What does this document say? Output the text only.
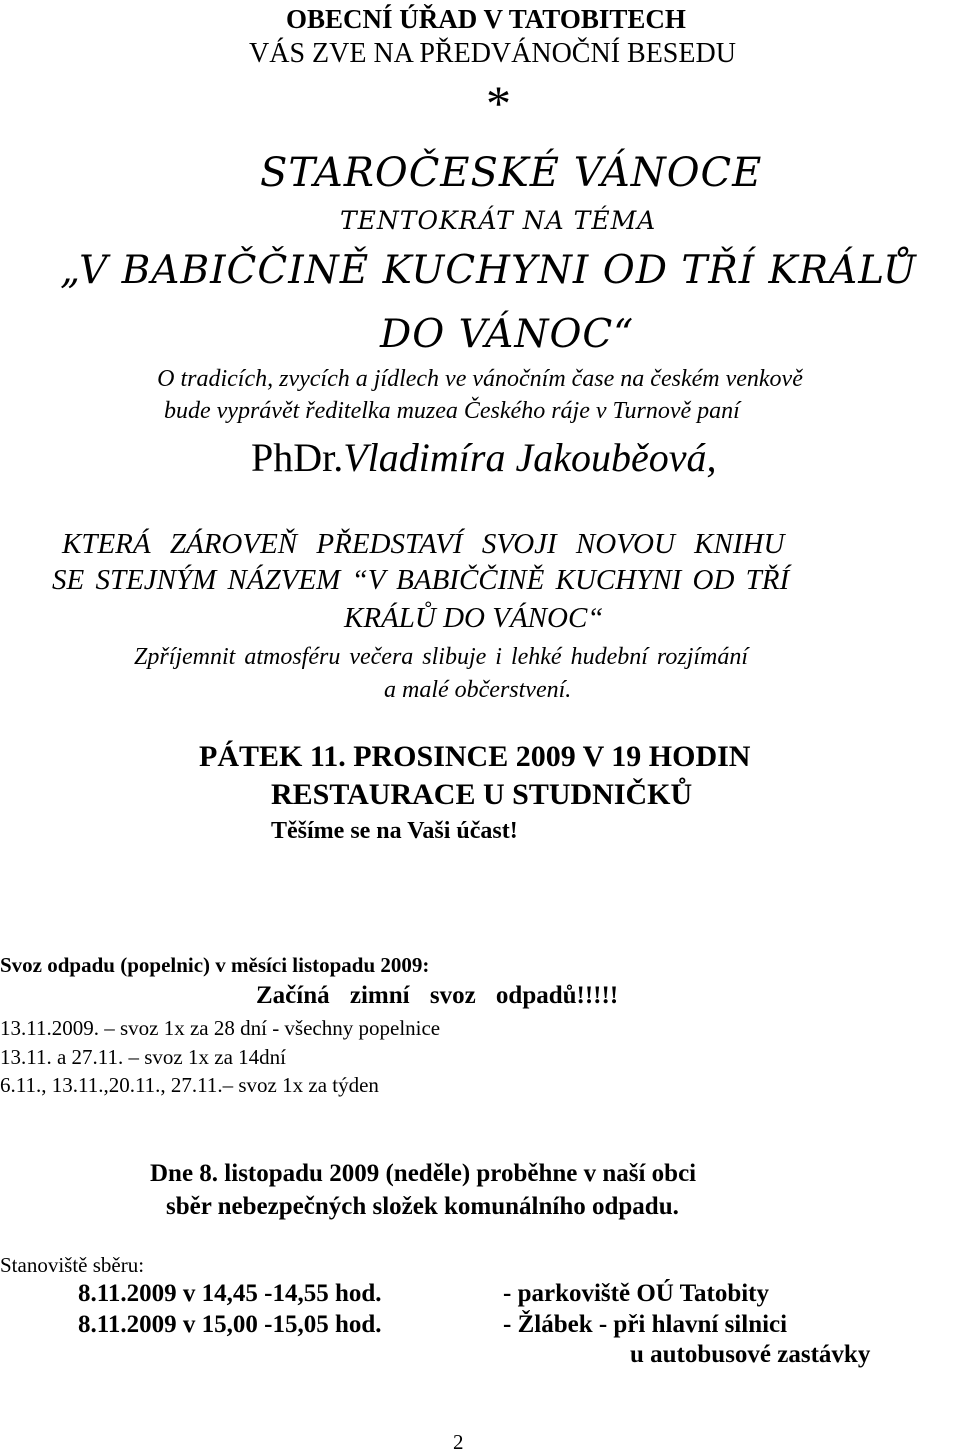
OBECNÍ ÚŘAD V TATOBITECH
VÁS ZVE NA PŘEDVÁNOČNÍ BESEDU
*
STAROČESKÉ VÁNOCE
TENTOKRÁT NA TÉMA
„V BABIČČINĚ KUCHYNI OD TŘÍ KRÁLŮ
DO VÁNOC“
O tradicích, zvycích a jídlech ve vánočním čase na českém venkově
bude vyprávět ředitelka muzea Českého ráje v Turnově paní
PhDr.Vladimíra Jakouběová,
KTERÁ ZÁROVEŇ PŘEDSTAVÍ SVOJI NOVOU KNIHU
SE STEJNÝM NÁZVEM “V BABIČČINĚ KUCHYNI OD TŘÍ
KRÁLŮ DO VÁNOC“
Zpříjemnit atmosféru večera slibuje i lehké hudební rozjímání
a malé občerstvení.
PÁTEK 11. PROSINCE 2009 V 19 HODIN
RESTAURACE U STUDNIČKŮ
Těšíme se na Vaši účast!
Svoz odpadu (popelnic) v měsíci listopadu 2009:
Začíná zimní svoz odpadů!!!!!
13.11.2009. – svoz 1x za 28 dní - všechny popelnice
13.11. a 27.11. – svoz 1x za 14dní
6.11., 13.11.,20.11., 27.11.– svoz 1x za týden
Dne 8. listopadu 2009 (neděle) proběhne v naší obci
sběr nebezpečných složek komunálního odpadu.
Stanoviště sběru:
8.11.2009 v 14,45 -14,55 hod.	- parkoviště OÚ Tatobity
8.11.2009 v 15,00 -15,05 hod.	- Žlábek - při hlavní silnici
u autobusové zastávky
2
